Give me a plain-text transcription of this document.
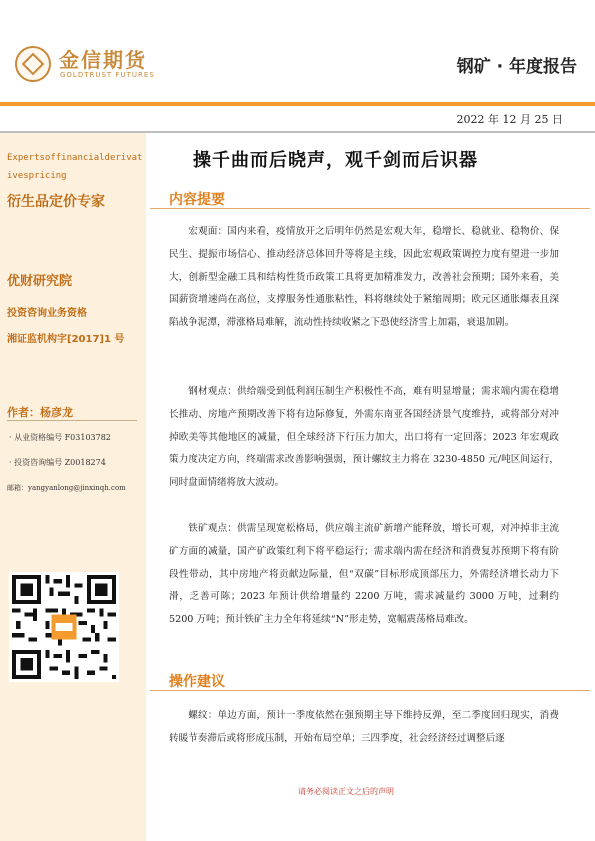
金信期货
GOLDTRUST FUTURES	钢矿 · 年度报告
2022 年 12 月 25 日
Expertsoffinancialderivativespricing
衍生品定价专家
优财研究院
投资咨询业务资格
湘证监机构字[2017]1 号
作者：杨彦龙
· 从业资格编号 F03103782
· 投资咨询编号 Z0018274
邮箱：yangyanlong@jinxinqh.com
操千曲而后晓声，观千剑而后识器
内容提要

宏观面：国内来看，疫情放开之后明年仍然是宏观大年，稳增长、稳就业、稳物价、保民生、提振市场信心、推动经济总体回升等将是主线，因此宏观政策调控力度有望进一步加大，创新型金融工具和结构性货币政策工具将更加精准发力，改善社会预期；国外来看，美国薪资增速尚在高位，支撑服务性通胀粘性，料将继续处于紧缩周期；欧元区通胀爆表且深陷战争泥潭，滞涨格局难解，流动性持续收紧之下恐使经济雪上加霜，衰退加剧。

钢材观点：供给端受到低利润压制生产积极性不高，难有明显增量；需求端内需在稳增长推动、房地产预期改善下将有边际修复，外需东南亚各国经济景气度维持，或将部分对冲掉欧美等其他地区的减量，但全球经济下行压力加大，出口将有一定回落；2023 年宏观政策力度决定方向，终端需求改善影响强弱，预计螺纹主力将在 3230-4850 元/吨区间运行，同时盘面情绪将放大波动。

铁矿观点：供需呈现宽松格局，供应端主流矿新增产能释放，增长可观，对冲掉非主流矿方面的减量，国产矿政策红利下将平稳运行；需求端内需在经济和消费复苏预期下将有阶段性带动，其中房地产将贡献边际量，但“双碳”目标形成顶部压力，外需经济增长动力下滑，乏善可陈；2023 年预计供给增量约 2200 万吨，需求减量约 3000 万吨，过剩约 5200 万吨；预计铁矿主力全年将延续“N”形走势，宽幅震荡格局难改。

操作建议

螺纹：单边方面，预计一季度依然在强预期主导下维持反弹，至二季度回归现实，消费转暖节奏滞后或将形成压制，开始布局空单；三四季度，社会经济经过调整后逐

请务必阅读正文之后的声明
